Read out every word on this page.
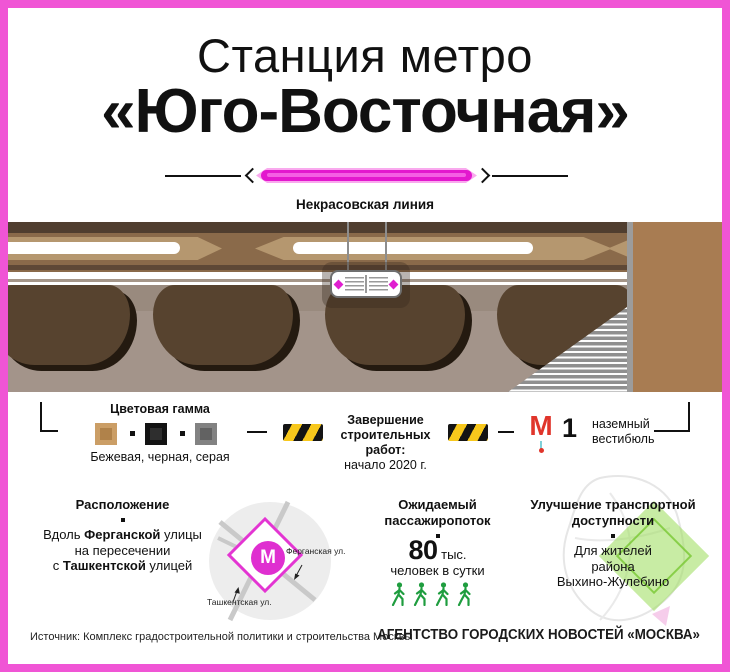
Станция метро
«Юго-Восточная»
Некрасовская линия
Цветовая гамма
Бежевая, черная, серая
Завершение
строительных работ:
начало 2020 г.
М 1 наземный
вестибюль
Расположение
Вдоль Ферганской улицы
на пересечении
с Ташкентской улицей	М	Ферганская ул.
Ташкентская ул.
Ожидаемый
пассажиропоток
80 тыс.
человек в сутки
Улучшение транспортной
доступности
Для жителей
района
Выхино-Жулебино
Источник: Комплекс градостроительной политики и строительства Москвы
АГЕНТСТВО ГОРОДСКИХ НОВОСТЕЙ «МОСКВА»
